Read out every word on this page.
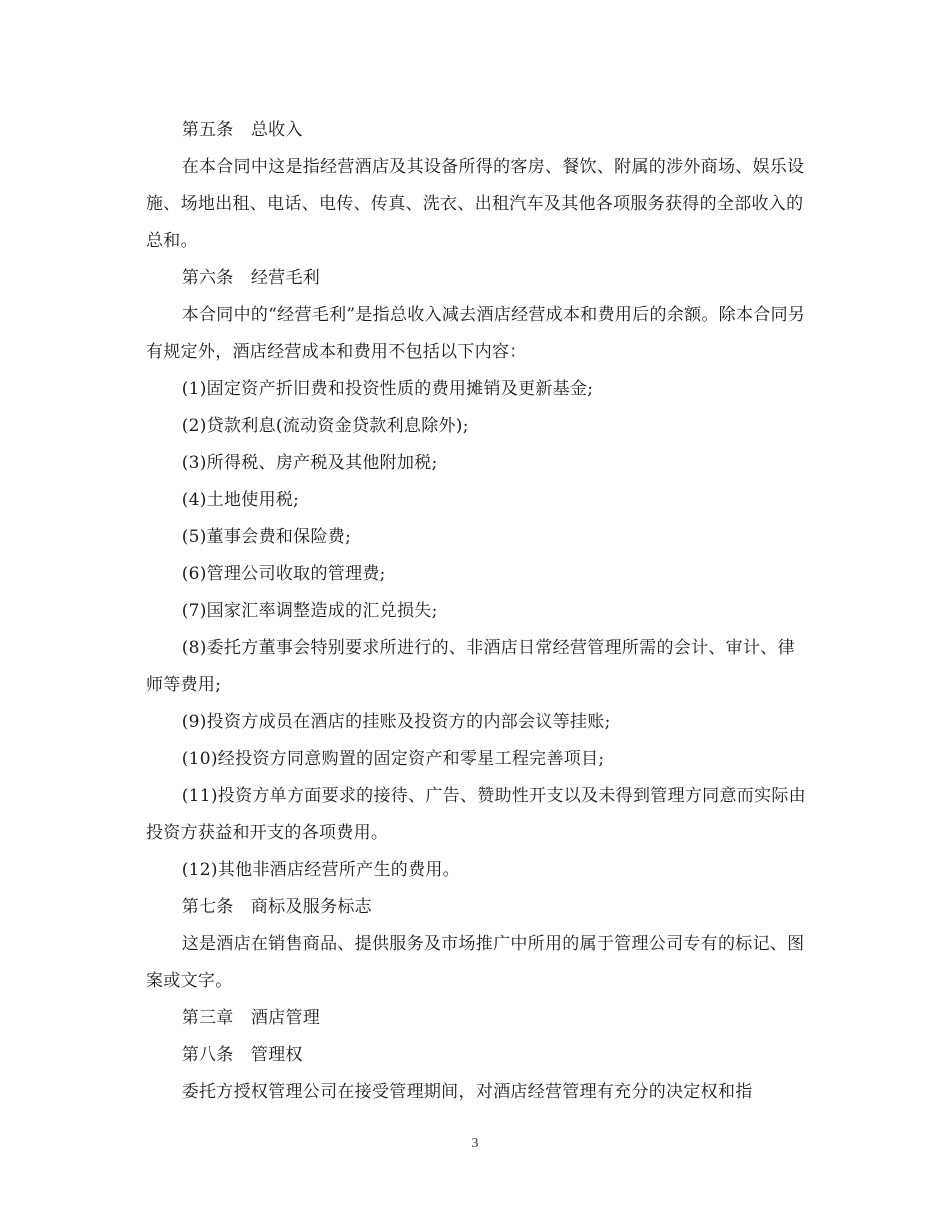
第五条　总收入

在本合同中这是指经营酒店及其设备所得的客房、餐饮、附属的涉外商场、娱乐设施、场地出租、电话、电传、传真、洗衣、出租汽车及其他各项服务获得的全部收入的总和。

第六条　经营毛利

本合同中的“经营毛利”是指总收入减去酒店经营成本和费用后的余额。除本合同另有规定外，酒店经营成本和费用不包括以下内容：

(1)固定资产折旧费和投资性质的费用摊销及更新基金;

(2)贷款利息(流动资金贷款利息除外);

(3)所得税、房产税及其他附加税;

(4)土地使用税;

(5)董事会费和保险费;

(6)管理公司收取的管理费;

(7)国家汇率调整造成的汇兑损失;

(8)委托方董事会特别要求所进行的、非酒店日常经营管理所需的会计、审计、律师等费用;

(9)投资方成员在酒店的挂账及投资方的内部会议等挂账;

(10)经投资方同意购置的固定资产和零星工程完善项目;

(11)投资方单方面要求的接待、广告、赞助性开支以及未得到管理方同意而实际由投资方获益和开支的各项费用。

(12)其他非酒店经营所产生的费用。

第七条　商标及服务标志

这是酒店在销售商品、提供服务及市场推广中所用的属于管理公司专有的标记、图案或文字。

第三章　酒店管理

第八条　管理权

委托方授权管理公司在接受管理期间，对酒店经营管理有充分的决定权和指

3
